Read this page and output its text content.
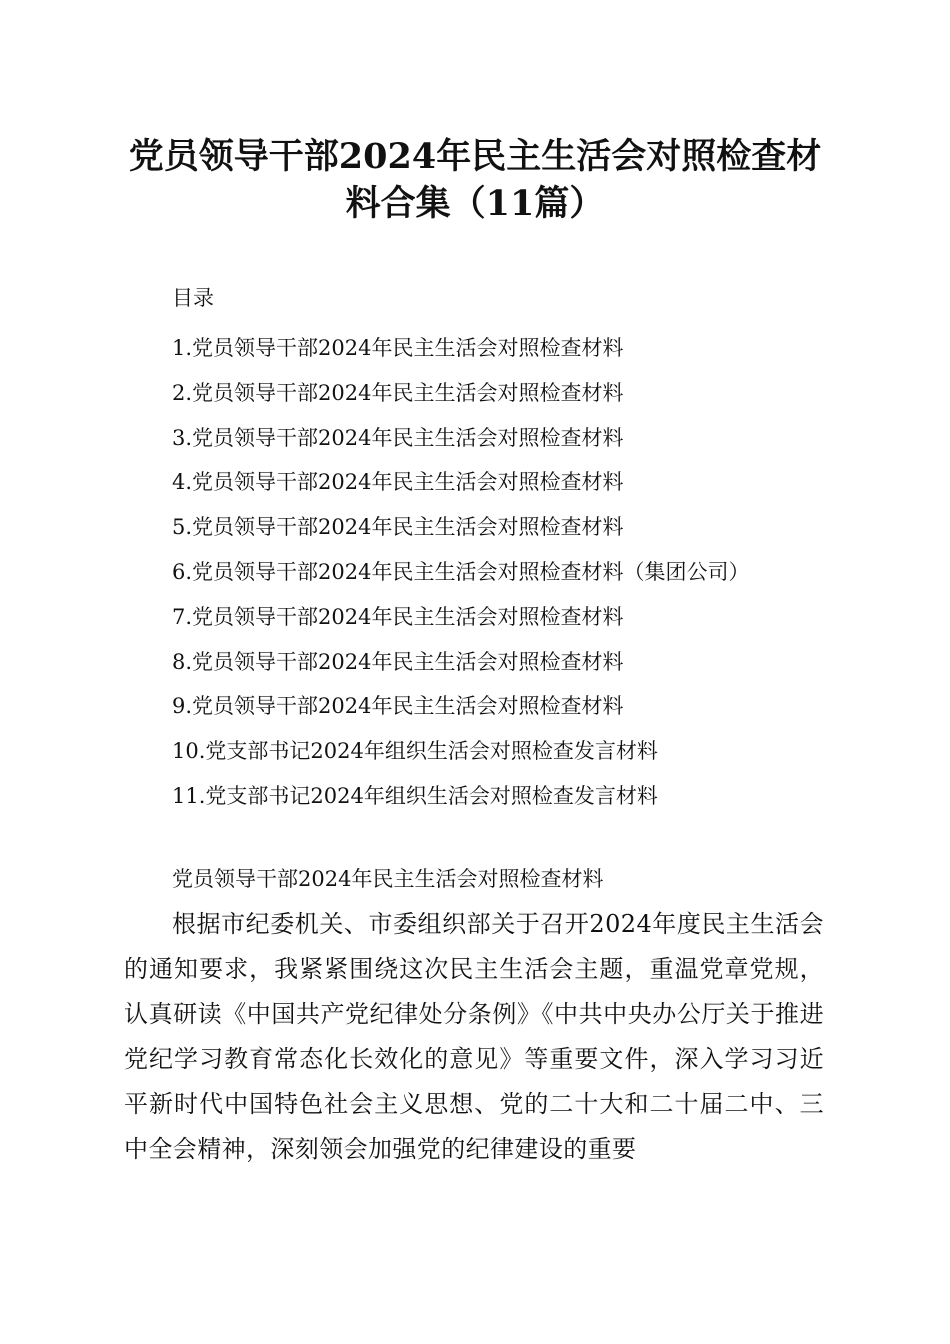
党员领导干部2024年民主生活会对照检查材
料合集（11篇）

目录

1.党员领导干部2024年民主生活会对照检查材料
2.党员领导干部2024年民主生活会对照检查材料
3.党员领导干部2024年民主生活会对照检查材料
4.党员领导干部2024年民主生活会对照检查材料
5.党员领导干部2024年民主生活会对照检查材料
6.党员领导干部2024年民主生活会对照检查材料（集团公司）
7.党员领导干部2024年民主生活会对照检查材料
8.党员领导干部2024年民主生活会对照检查材料
9.党员领导干部2024年民主生活会对照检查材料
10.党支部书记2024年组织生活会对照检查发言材料
11.党支部书记2024年组织生活会对照检查发言材料

党员领导干部2024年民主生活会对照检查材料

根据市纪委机关、市委组织部关于召开2024年度民主生活会的通知要求，我紧紧围绕这次民主生活会主题，重温党章党规，认真研读《中国共产党纪律处分条例》《中共中央办公厅关于推进党纪学习教育常态化长效化的意见》等重要文件，深入学习习近平新时代中国特色社会主义思想、党的二十大和二十届二中、三中全会精神，深刻领会加强党的纪律建设的重要
